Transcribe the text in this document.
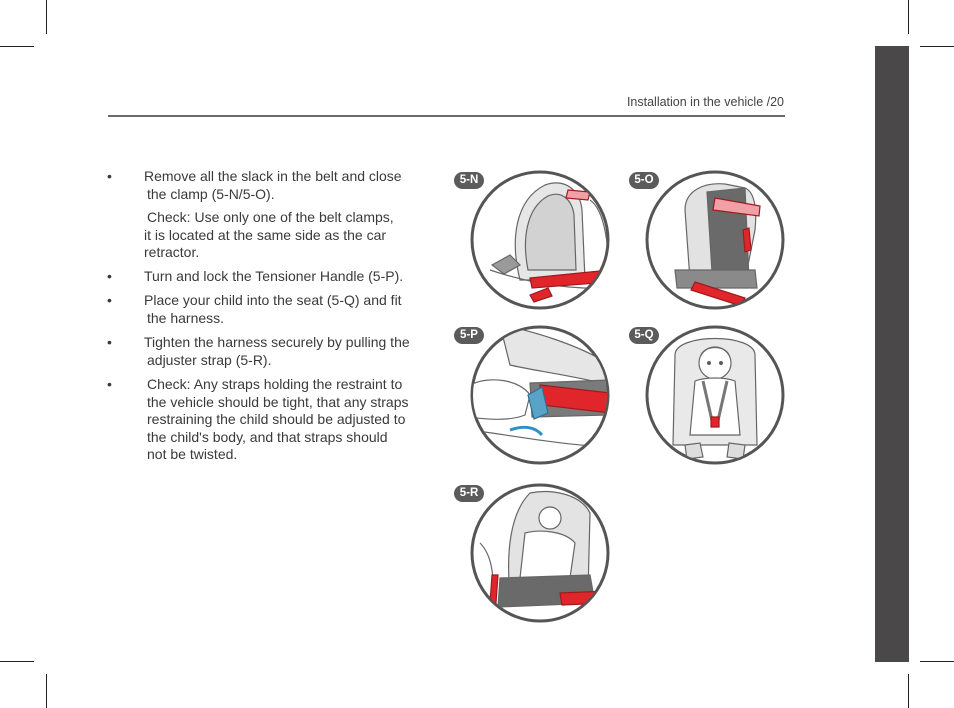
Installation in the vehicle /20
• Remove all the slack in the belt and close
the clamp (5-N/5-O).
Check: Use only one of the belt clamps,
it is located at the same side as the car
retractor.
• Turn and lock the Tensioner Handle (5-P).
• Place your child into the seat (5-Q) and fit
the harness.
• Tighten the harness securely by pulling the
adjuster strap (5-R).
•	Check: Any straps holding the restraint to
the vehicle should be tight, that any straps
restraining the child should be adjusted to
the child's body, and that straps should
not be twisted.
5-N	5-O
5-P	5-Q
5-R
